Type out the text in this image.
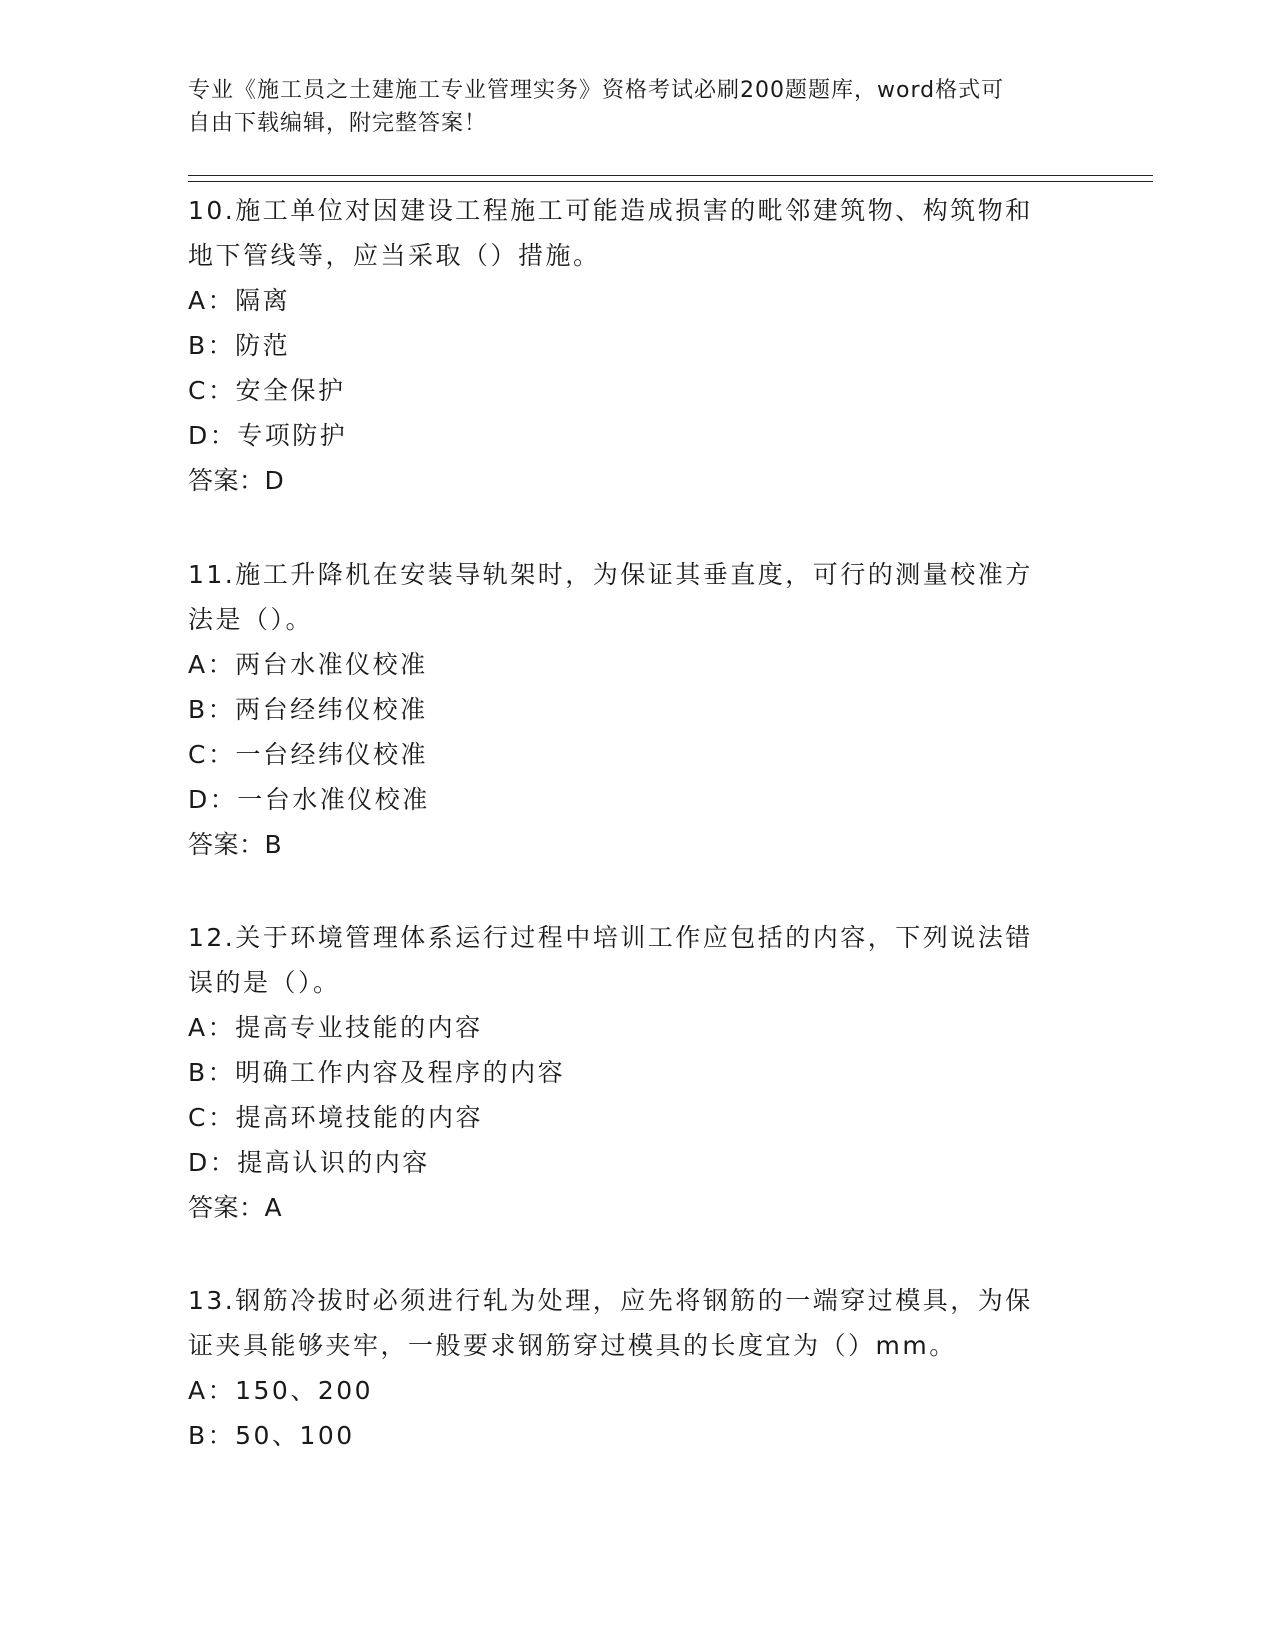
专业《施工员之土建施工专业管理实务》资格考试必刷200题题库，word格式可
自由下载编辑，附完整答案！

10.施工单位对因建设工程施工可能造成损害的毗邻建筑物、构筑物和

地下管线等，应当采取（）措施。

A：隔离

B：防范

C：安全保护

D：专项防护

答案：D

11.施工升降机在安装导轨架时，为保证其垂直度，可行的测量校准方

法是（）。

A：两台水准仪校准

B：两台经纬仪校准

C：一台经纬仪校准

D：一台水准仪校准

答案：B

12.关于环境管理体系运行过程中培训工作应包括的内容，下列说法错

误的是（）。

A：提高专业技能的内容

B：明确工作内容及程序的内容

C：提高环境技能的内容

D：提高认识的内容

答案：A

13.钢筋冷拔时必须进行轧为处理，应先将钢筋的一端穿过模具，为保

证夹具能够夹牢，一般要求钢筋穿过模具的长度宜为（）mm。

A：150、200

B：50、100
